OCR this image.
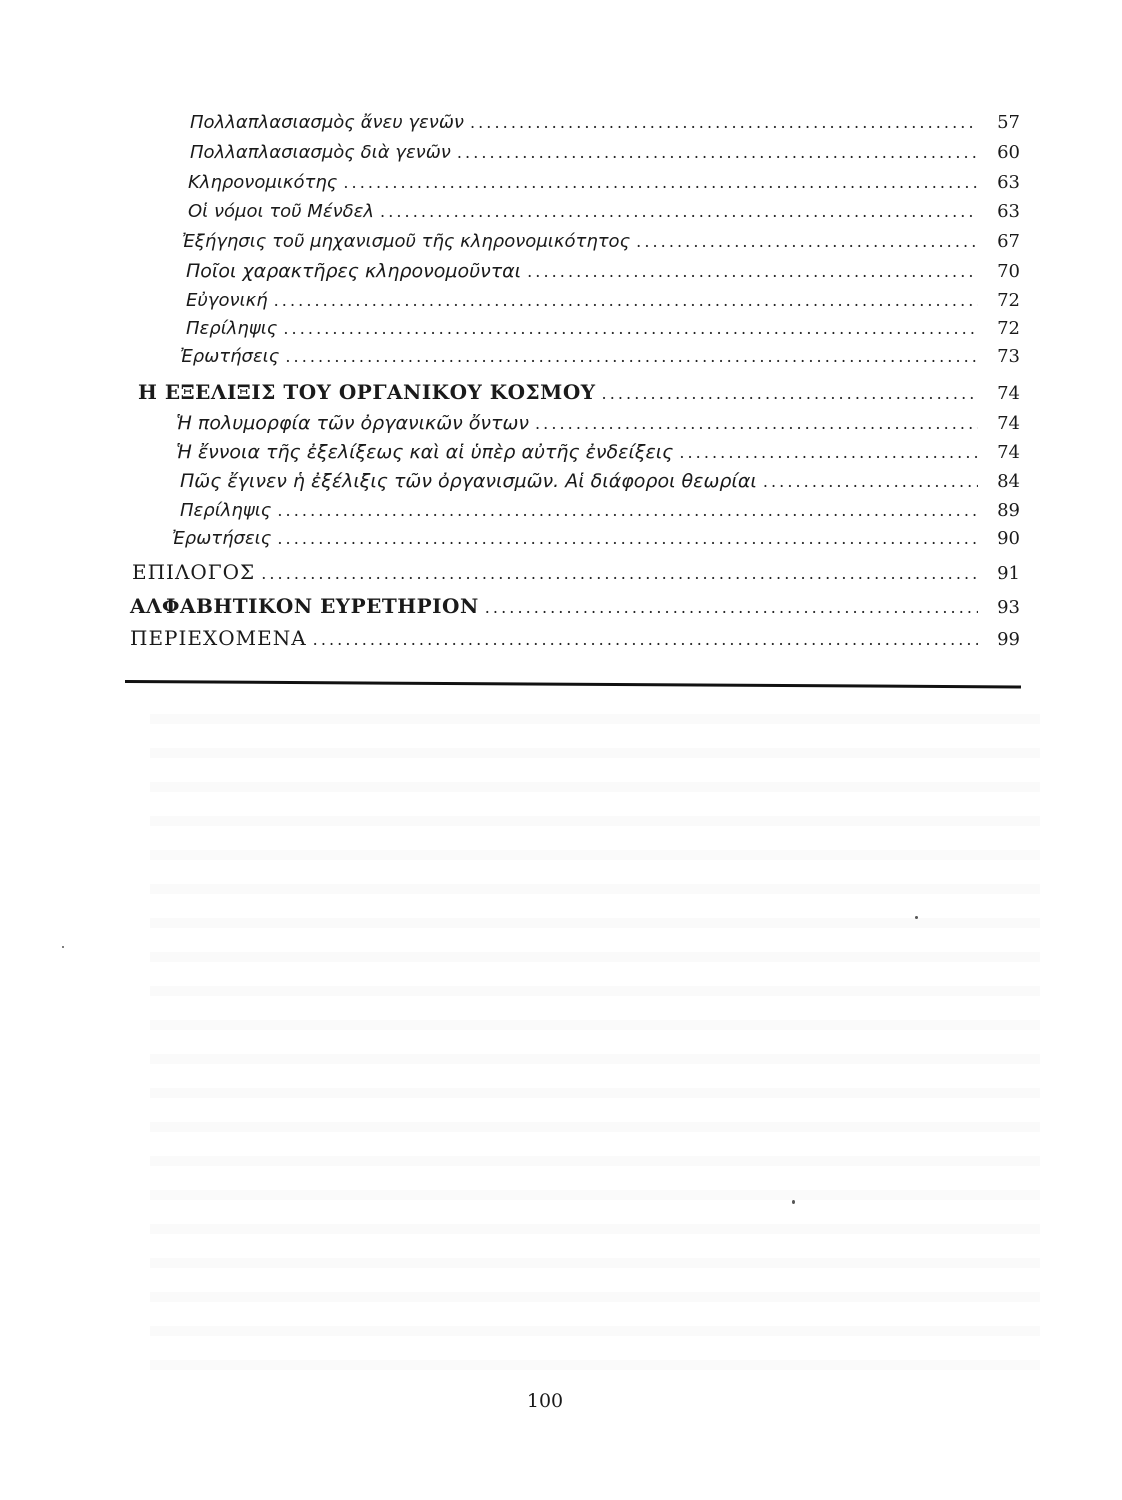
Πολλαπλασιασμὸς ἄνευ γενῶν . . .	57
Πολλαπλασιασμὸς διὰ γενῶν . . .	60
Κληρονομικότης . . .	63
Οἱ νόμοι τοῦ Μένδελ . . .	63
Ἐξήγησις τοῦ μηχανισμοῦ τῆς κληρονομικότητος . . .	67
Ποῖοι χαρακτῆρες κληρονομοῦνται . . .	70
Εὐγονική . . .	72
Περίληψις . . .	72
Ἐρωτήσεις . . .	73
Η ΕΞΕΛΙΞΙΣ ΤΟΥ ΟΡΓΑΝΙΚΟΥ ΚΟΣΜΟΥ . . .	74
Ἡ πολυμορφία τῶν ὀργανικῶν ὄντων . . .	74
Ἡ ἔννοια τῆς ἐξελίξεως καὶ αἱ ὑπὲρ αὐτῆς ἐνδείξεις . . .	74
Πῶς ἔγινεν ἡ ἐξέλιξις τῶν ὀργανισμῶν. Αἱ διάφοροι θεωρίαι . . .	84
Περίληψις . . .	89
Ἐρωτήσεις . . .	90
ΕΠΙΛΟΓΟΣ . . .	91
ΑΛΦΑΒΗΤΙΚΟΝ ΕΥΡΕΤΗΡΙΟΝ . . .	93
ΠΕΡΙΕΧΟΜΕΝΑ . . .	99
100
